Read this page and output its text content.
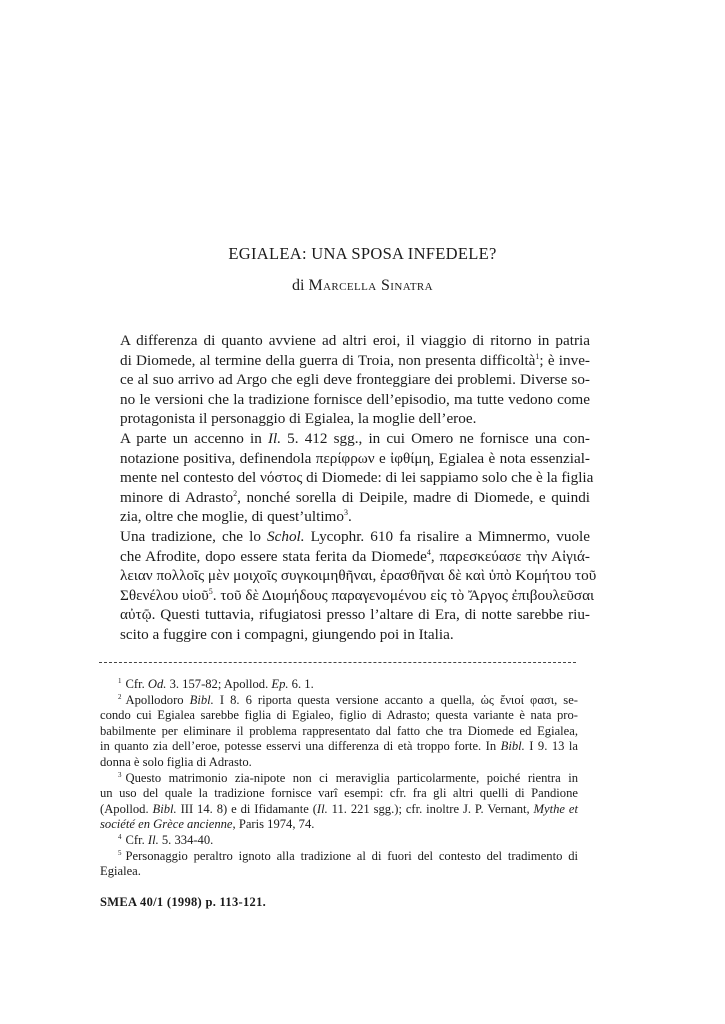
EGIALEA: UNA SPOSA INFEDELE?
di Marcella Sinatra

A differenza di quanto avviene ad altri eroi, il viaggio di ritorno in patria
di Diomede, al termine della guerra di Troia, non presenta difficoltà$^1$; è inve-
ce al suo arrivo ad Argo che egli deve fronteggiare dei problemi. Diverse so-
no le versioni che la tradizione fornisce dell’episodio, ma tutte vedono come
protagonista il personaggio di Egialea, la moglie dell’eroe.

A parte un accenno in Il. 5. 412 sgg., in cui Omero ne fornisce una con-
notazione positiva, definendola περίφρων e ἰφθίμη, Egialea è nota essenzial-
mente nel contesto del νόστος di Diomede: di lei sappiamo solo che è la figlia
minore di Adrasto$^2$, nonché sorella di Deipile, madre di Diomede, e quindi
zia, oltre che moglie, di quest’ultimo$^3$.

Una tradizione, che lo Schol. Lycophr. 610 fa risalire a Mimnermo, vuole
che Afrodite, dopo essere stata ferita da Diomede$^4$, παρεσκεύασε τὴν Αἰγιά-
λειαν πολλοῖς μὲν μοιχοῖς συγκοιμηθῆναι, ἐρασθῆναι δὲ καὶ ὑπὸ Κομήτου τοῦ
Σθενέλου υἱοῦ$^5$. τοῦ δὲ Διομήδους παραγενομένου εἰς τὸ Ἄργος ἐπιβουλεῦσαι
αὐτῷ. Questi tuttavia, rifugiatosi presso l’altare di Era, di notte sarebbe riu-
scito a fuggire con i compagni, giungendo poi in Italia.

$^1$ Cfr. Od. 3. 157-82; Apollod. Ep. 6. 1.
$^2$ Apollodoro Bibl. I 8. 6 riporta questa versione accanto a quella, ὡς ἔνιοί φασι, se-
condo cui Egialea sarebbe figlia di Egialeo, figlio di Adrasto; questa variante è nata pro-
babilmente per eliminare il problema rappresentato dal fatto che tra Diomede ed Egialea,
in quanto zia dell’eroe, potesse esservi una differenza di età troppo forte. In Bibl. I 9. 13 la
donna è solo figlia di Adrasto.
$^3$ Questo matrimonio zia-nipote non ci meraviglia particolarmente, poiché rientra in
un uso del quale la tradizione fornisce varî esempi: cfr. fra gli altri quelli di Pandione
(Apollod. Bibl. III 14. 8) e di Ifidamante (Il. 11. 221 sgg.); cfr. inoltre J. P. Vernant, Mythe et
société en Grèce ancienne, Paris 1974, 74.
$^4$ Cfr. Il. 5. 334-40.
$^5$ Personaggio peraltro ignoto alla tradizione al di fuori del contesto del tradimento di
Egialea.
SMEA 40/1 (1998) p. 113-121.
